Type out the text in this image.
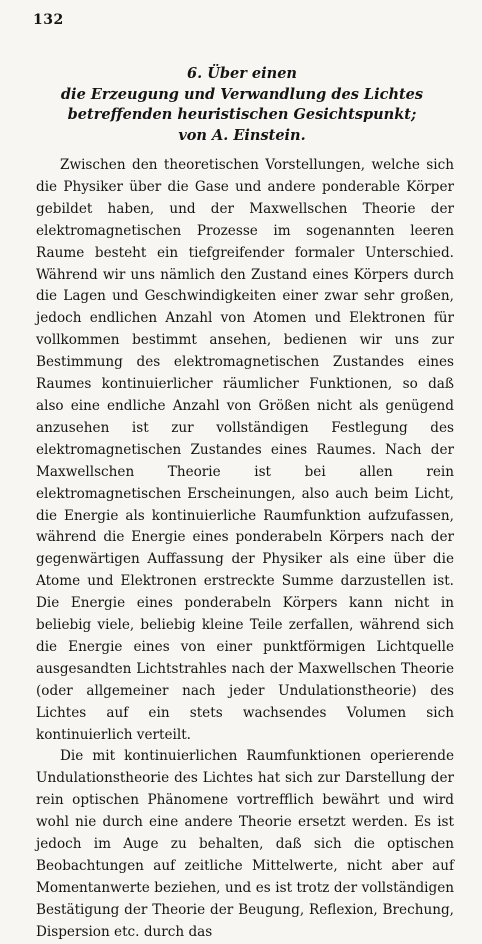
132
6. Über einen
die Erzeugung und Verwandlung des Lichtes
betreffenden heuristischen Gesichtspunkt;
von A. Einstein.

Zwischen den theoretischen Vorstellungen, welche sich die Physiker über die Gase und andere ponderable Körper gebildet haben, und der Maxwellschen Theorie der elektromagnetischen Prozesse im sogenannten leeren Raume besteht ein tiefgreifender formaler Unterschied. Während wir uns nämlich den Zustand eines Körpers durch die Lagen und Geschwindigkeiten einer zwar sehr großen, jedoch endlichen Anzahl von Atomen und Elektronen für vollkommen bestimmt ansehen, bedienen wir uns zur Bestimmung des elektromagnetischen Zustandes eines Raumes kontinuierlicher räumlicher Funktionen, so daß also eine endliche Anzahl von Größen nicht als genügend anzusehen ist zur vollständigen Festlegung des elektromagnetischen Zustandes eines Raumes. Nach der Maxwellschen Theorie ist bei allen rein elektromagnetischen Erscheinungen, also auch beim Licht, die Energie als kontinuierliche Raumfunktion aufzufassen, während die Energie eines ponderabeln Körpers nach der gegenwärtigen Auffassung der Physiker als eine über die Atome und Elektronen erstreckte Summe darzustellen ist. Die Energie eines ponderabeln Körpers kann nicht in beliebig viele, beliebig kleine Teile zerfallen, während sich die Energie eines von einer punktförmigen Lichtquelle ausgesandten Lichtstrahles nach der Maxwellschen Theorie (oder allgemeiner nach jeder Undulationstheorie) des Lichtes auf ein stets wachsendes Volumen sich kontinuierlich verteilt.

Die mit kontinuierlichen Raumfunktionen operierende Undulationstheorie des Lichtes hat sich zur Darstellung der rein optischen Phänomene vortrefflich bewährt und wird wohl nie durch eine andere Theorie ersetzt werden. Es ist jedoch im Auge zu behalten, daß sich die optischen Beobachtungen auf zeitliche Mittelwerte, nicht aber auf Momentanwerte beziehen, und es ist trotz der vollständigen Bestätigung der Theorie der Beugung, Reflexion, Brechung, Dispersion etc. durch das
